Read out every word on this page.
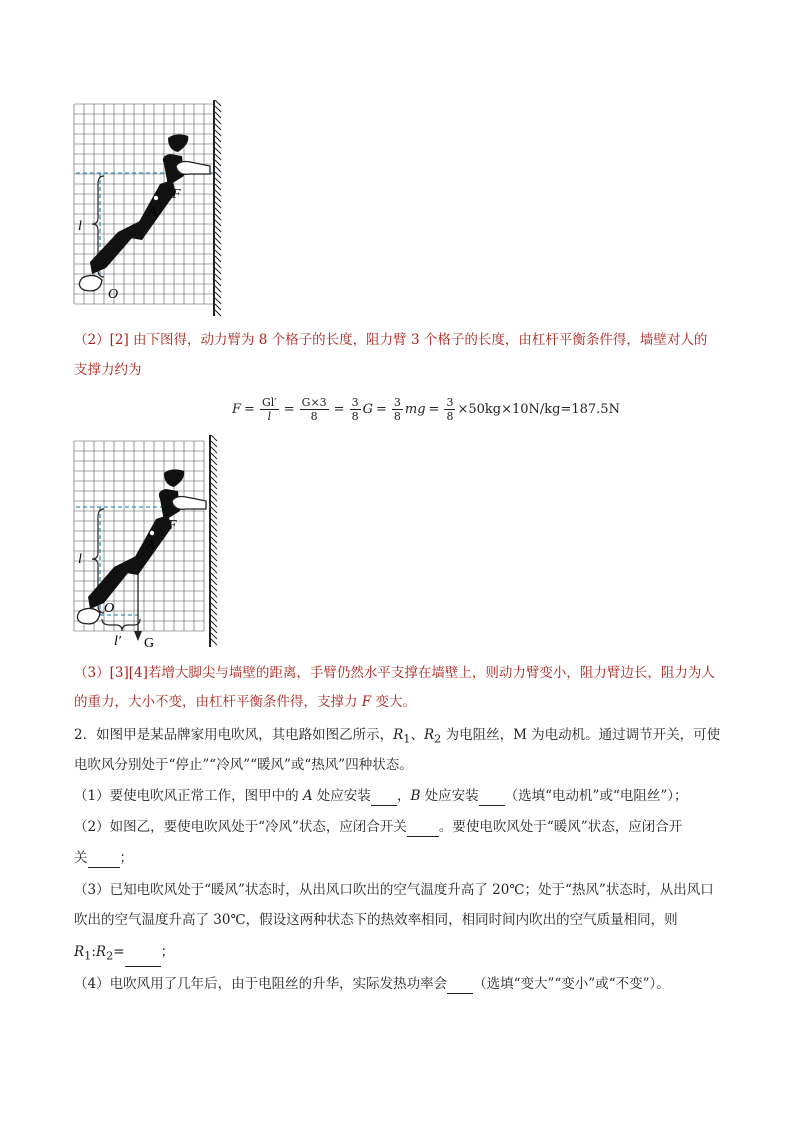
l
F
A
O
（2）[2] 由下图得，动力臂为 8 个格子的长度，阻力臂 3 个格子的长度，由杠杆平衡条件得，墙壁对人的
支撑力约为
$F = \frac{Gl'}{l} = \frac{G\times 3}{8} = \frac{3}{8}$ $G = \frac{3}{8}$ mg = $\frac{3}{8} \times 50kg\times 10N/kg=187.5N$
l
F
A
O
l′ G
（3）[3][4]若增大脚尖与墙壁的距离，手臂仍然水平支撑在墙壁上，则动力臂变小，阻力臂边长，阻力为人
的重力，大小不变，由杠杆平衡条件得，支撑力 F 变大。
2．如图甲是某品牌家用电吹风，其电路如图乙所示，$R_1$、$R_2$ 为电阻丝，M 为电动机。通过调节开关，可使
电吹风分别处于“停止”“冷风”“暖风”或“热风”四种状态。
（1）要使电吹风正常工作，图甲中的 A 处应安装 ，B 处应安装 （选填“电动机”或“电阻丝”）；
（2）如图乙，要使电吹风处于“冷风”状态，应闭合开关 。要使电吹风处于“暖风”状态，应闭合开
关 ；
（3）已知电吹风处于“暖风”状态时，从出风口吹出的空气温度升高了 20℃；处于“热风”状态时，从出风口
吹出的空气温度升高了 30℃，假设这两种状态下的热效率相同，相同时间内吹出的空气质量相同，则
$R_1:R_2=$	；
（4）电吹风用了几年后，由于电阻丝的升华，实际发热功率会 （选填“变大”“变小”或“不变”）。
